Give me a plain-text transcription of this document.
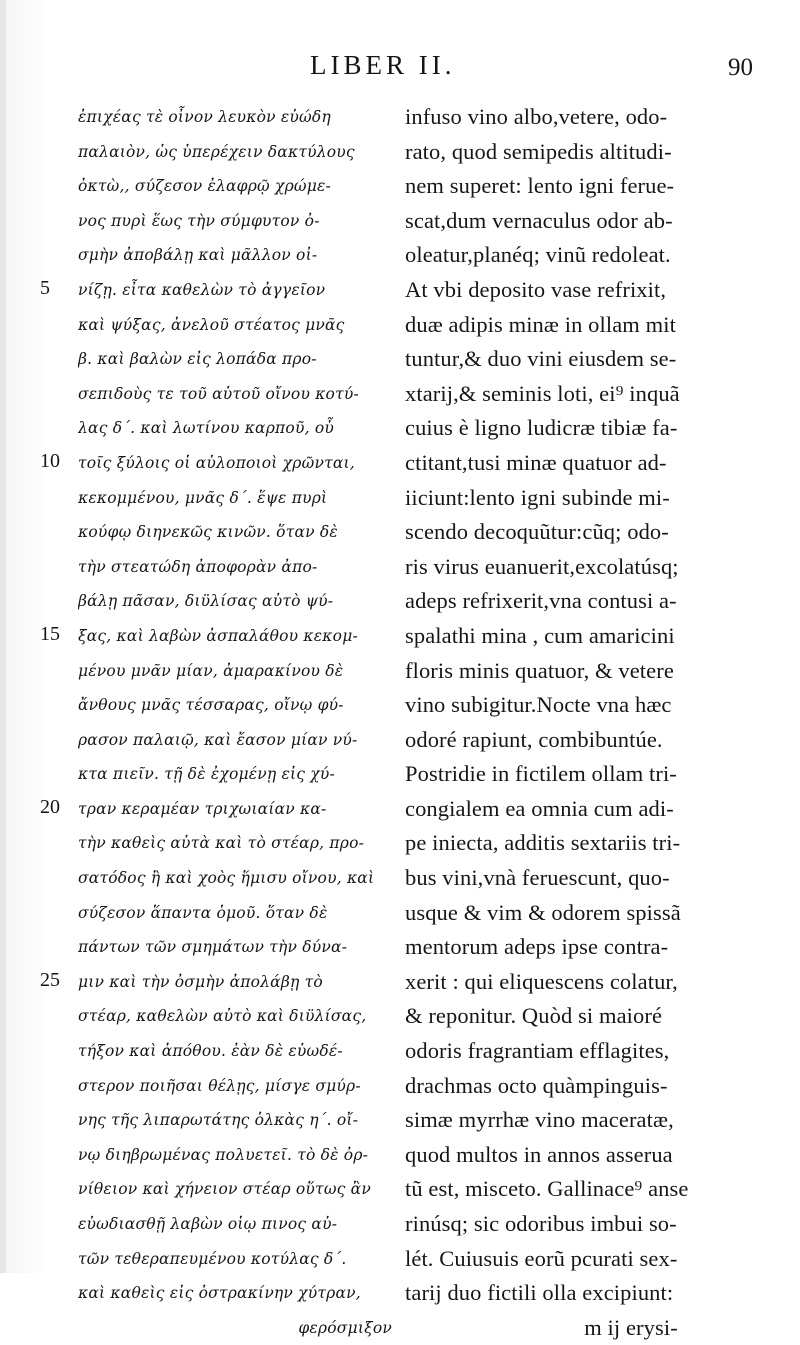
LIBER II.	90
ἐπιχέας τὲ οἶνον λευκὸν εὐώδη
παλαιὸν, ὡς ὑπερέχειν δακτύλους
ὀκτὼ,, σύζεσον ἐλαφρῷ χρώμε-
νος πυρὶ ἕως τὴν σύμφυτον ὀ-
σμὴν ἀποβάλῃ καὶ μᾶλλον οἰ-
νίζῃ. εἶτα καθελὼν τὸ ἀγγεῖον
καὶ ψύξας, ἀνελοῦ στέατος μνᾶς
β. καὶ βαλὼν εἰς λοπάδα προ-
σεπιδοὺς τε τοῦ αὐτοῦ οἴνου κοτύ-
λας δ΄. καὶ λωτίνου καρποῦ, οὗ
τοῖς ξύλοις οἱ αὐλοποιοὶ χρῶνται,
κεκομμένου, μνᾶς δ΄. ἕψε πυρὶ
κούφῳ διηνεκῶς κινῶν. ὅταν δὲ
τὴν στεατώδη ἀποφορὰν ἀπο-
βάλῃ πᾶσαν, διϋλίσας αὐτὸ ψύ-
ξας, καὶ λαβὼν ἀσπαλάθου κεκομ-
μένου μνᾶν μίαν, ἀμαρακίνου δὲ
ἄνθους μνᾶς τέσσαρας, οἴνῳ φύ-
ρασον παλαιῷ, καὶ ἔασον μίαν νύ-
κτα πιεῖν. τῇ δὲ ἐχομένῃ εἰς χύ-
τραν κεραμέαν τριχωιαίαν κα-
τὴν καθεὶς αὐτὰ καὶ τὸ στέαρ, προ-
σατόδος ἢ καὶ χοὸς ἥμισυ οἴνου, καὶ
σύζεσον ἅπαντα ὁμοῦ. ὅταν δὲ
πάντων τῶν σμημάτων τὴν δύνα-
μιν καὶ τὴν ὀσμὴν ἀπολάβῃ τὸ
στέαρ, καθελὼν αὐτὸ καὶ διϋλίσας,
τήξον καὶ ἀπόθου. ἐὰν δὲ εὐωδέ-
στερον ποιῆσαι θέλῃς, μίσγε σμύρ-
νης τῆς λιπαρωτάτης ὁλκὰς η΄. οἴ-
νῳ διηβρωμένας πολυετεῖ. τὸ δὲ ὀρ-
νίθειον καὶ χήνειον στέαρ οὕτως ἂν
εὐωδιασθῇ λαβὼν οἱῳ πινος αὐ-
τῶν τεθεραπευμένου κοτύλας δ΄.
καὶ καθεὶς εἰς ὀστρακίνην χύτραν,
φερόσμιξον
infuso vino albo,vetere, odo-
rato, quod semipedis altitudi-
nem superet: lento igni ferue-
scat,dum vernaculus odor ab-
oleatur,planéq; vinũ redoleat.
At vbi deposito vase refrixit,
duæ adipis minæ in ollam mit
tuntur,& duo vini eiusdem se-
xtarij,& seminis loti, ei⁹ inquã
cuius è ligno ludicræ tibiæ fa-
ctitant,tusi minæ quatuor ad-
iiciunt:lento igni subinde mi-
scendo decoquũtur:cũq; odo-
ris virus euanuerit,excolatúsq;
adeps refrixerit,vna contusi a-
spalathi mina , cum amaricini
floris minis quatuor, & vetere
vino subigitur.Nocte vna hæc
odoré rapiunt, combibuntúe.
Postridie in fictilem ollam tri-
congialem ea omnia cum adi-
pe iniecta, additis sextariis tri-
bus vini,vnà feruescunt, quo-
usque & vim & odorem spissã
mentorum adeps ipse contra-
xerit : qui eliquescens colatur,
& reponitur. Quòd si maioré
odoris fragrantiam efflagites,
drachmas octo quàmpinguis-
simæ myrrhæ vino maceratæ,
quod multos in annos asserua
tũ est, misceto. Gallinace⁹ anse
rinúsq; sic odoribus imbui so-
lét. Cuiusuis eorũ pcurati sex-
tarij duo fictili olla excipiunt:
m ij erysi-
5
10
15
20
25
